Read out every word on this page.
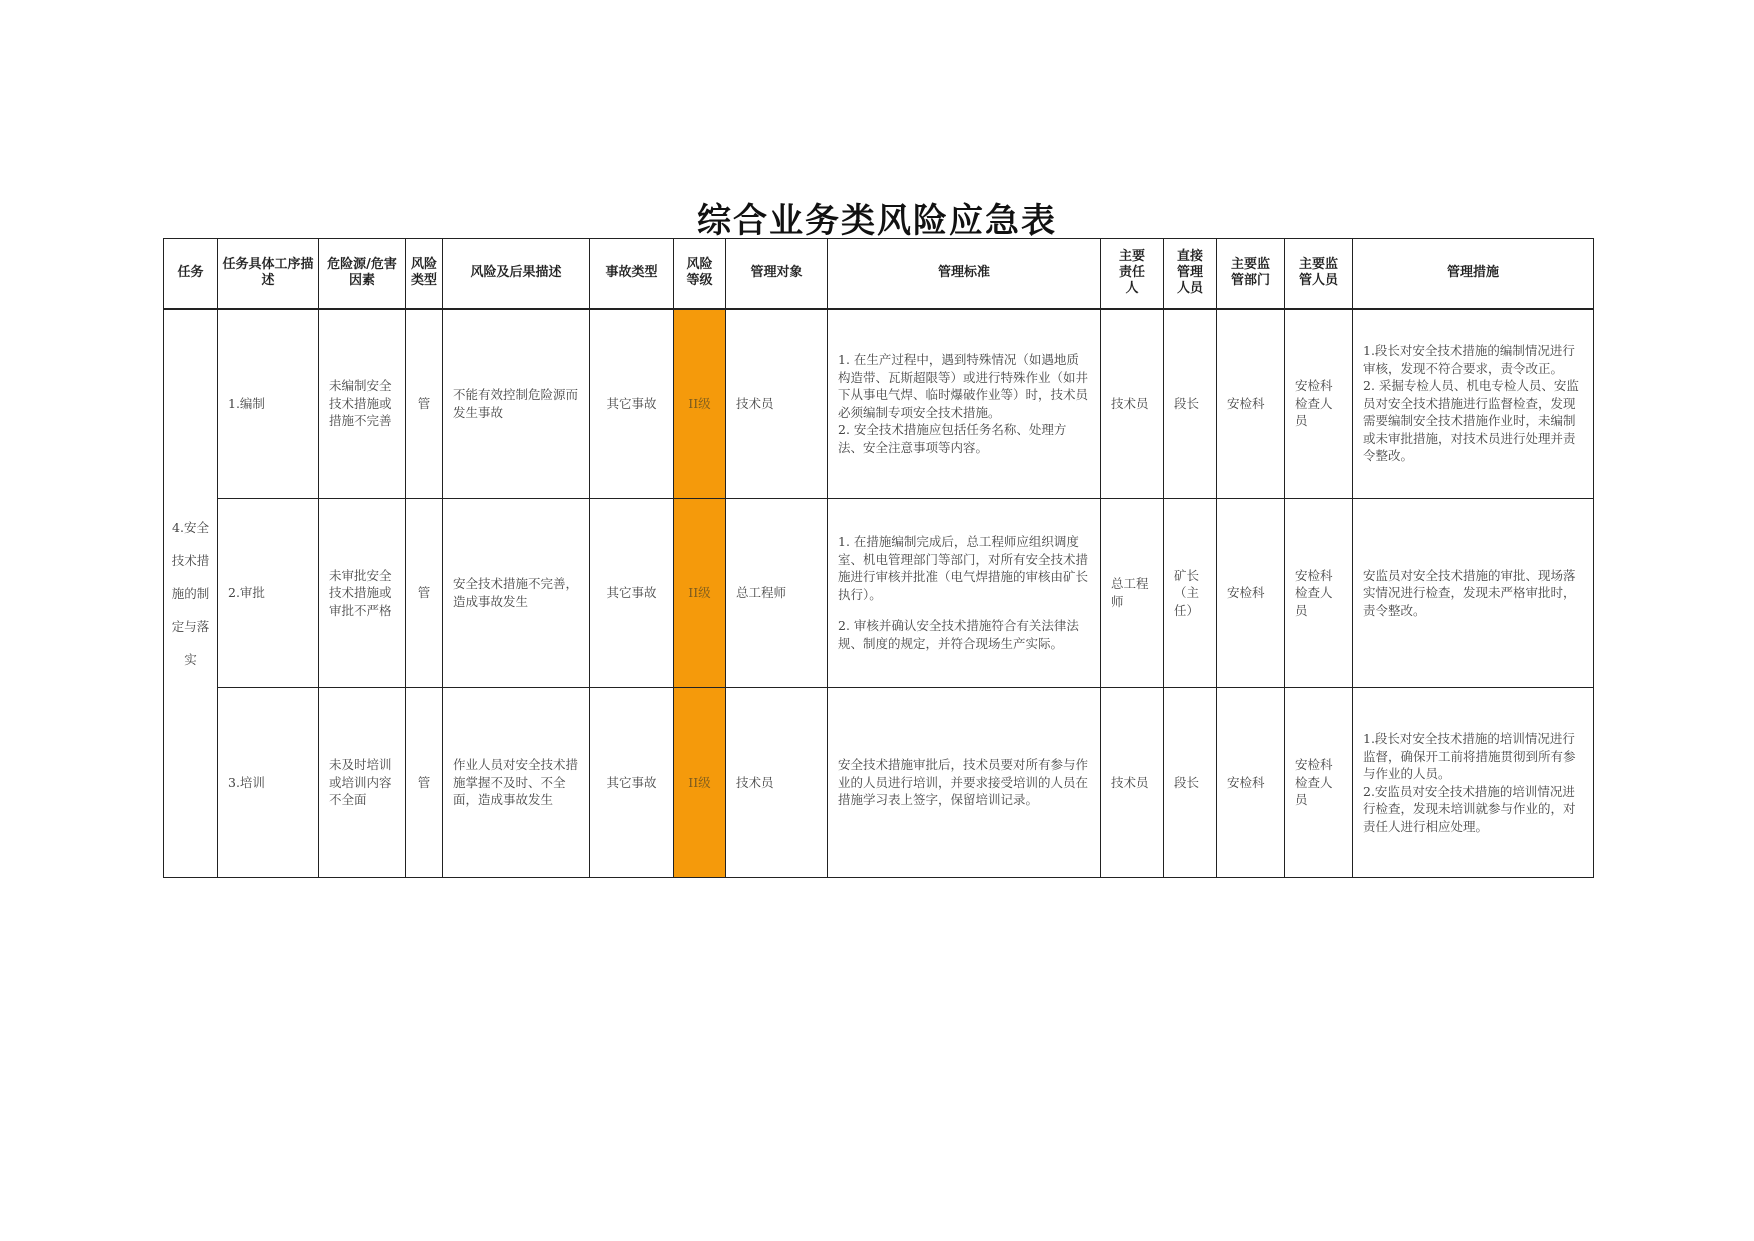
综合业务类风险应急表
任务	任务具体工序描述	危险源/危害因素	风险类型	风险及后果描述	事故类型	风险等级	管理对象	管理标准	主要责任人	直接管理人员	主要监管部门	主要监管人员	管理措施

4.安全技术措施的制定与落实	1.编制	未编制安全技术措施或措施不完善	管	不能有效控制危险源而发生事故	其它事故	II级	技术员	1. 在生产过程中，遇到特殊情况（如遇地质构造带、瓦斯超限等）或进行特殊作业（如井下从事电气焊、临时爆破作业等）时，技术员必须编制专项安全技术措施。
2. 安全技术措施应包括任务名称、处理方法、安全注意事项等内容。	技术员	段长	安检科	安检科检查人员	1.段长对安全技术措施的编制情况进行审核，发现不符合要求，责令改正。
2. 采掘专检人员、机电专检人员、安监员对安全技术措施进行监督检查，发现需要编制安全技术措施作业时，未编制或未审批措施，对技术员进行处理并责令整改。

	2.审批	未审批安全技术措施或审批不严格	管	安全技术措施不完善，造成事故发生	其它事故	II级	总工程师	1. 在措施编制完成后，总工程师应组织调度室、机电管理部门等部门，对所有安全技术措施进行审核并批准（电气焊措施的审核由矿长执行）。
2. 审核并确认安全技术措施符合有关法律法规、制度的规定，并符合现场生产实际。	总工程师	矿长（主任）	安检科	安检科检查人员	安监员对安全技术措施的审批、现场落实情况进行检查，发现未严格审批时，责令整改。

	3.培训	未及时培训或培训内容不全面	管	作业人员对安全技术措施掌握不及时、不全面，造成事故发生	其它事故	II级	技术员	安全技术措施审批后，技术员要对所有参与作业的人员进行培训，并要求接受培训的人员在措施学习表上签字，保留培训记录。	技术员	段长	安检科	安检科检查人员	1.段长对安全技术措施的培训情况进行监督，确保开工前将措施贯彻到所有参与作业的人员。
2.安监员对安全技术措施的培训情况进行检查，发现未培训就参与作业的，对责任人进行相应处理。
